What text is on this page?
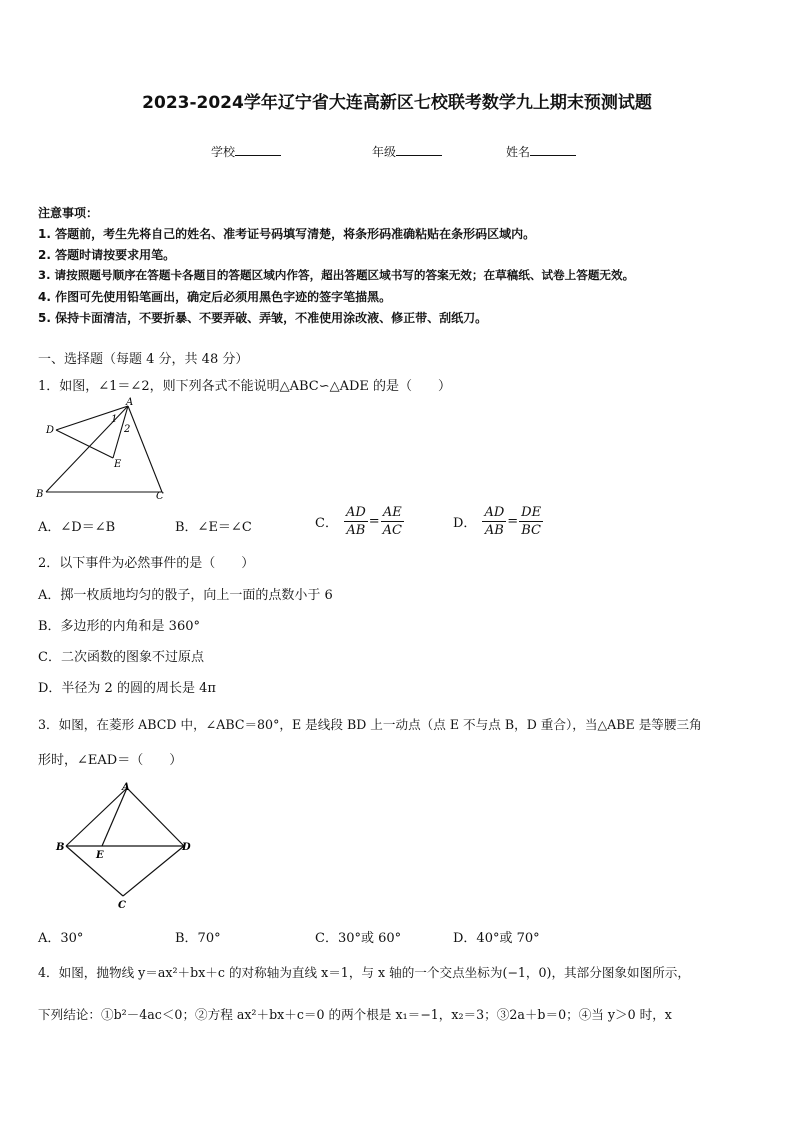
2023-2024学年辽宁省大连高新区七校联考数学九上期末预测试题
学校	年级	姓名
注意事项：
1. 答题前，考生先将自己的姓名、准考证号码填写清楚，将条形码准确粘贴在条形码区域内。
2. 答题时请按要求用笔。
3. 请按照题号顺序在答题卡各题目的答题区域内作答，超出答题区域书写的答案无效；在草稿纸、试卷上答题无效。
4. 作图可先使用铅笔画出，确定后必须用黑色字迹的签字笔描黑。
5. 保持卡面清洁，不要折暴、不要弄破、弄皱，不准使用涂改液、修正带、刮纸刀。
一、选择题（每题 4 分，共 48 分）
1．如图，∠1＝∠2，则下列各式不能说明△ABC∽△ADE 的是（　　）
A
B	C
D
E
1
2
A．∠D＝∠B	B．∠E＝∠C	C． $\frac{AD}{AB} = \frac{AE}{AC}$	D． $\frac{AD}{AB} = \frac{DE}{BC}$
2．以下事件为必然事件的是（　　）
A．掷一枚质地均匀的骰子，向上一面的点数小于 6
B．多边形的内角和是 360°
C．二次函数的图象不过原点
D．半径为 2 的圆的周长是 4π
3．如图，在菱形 ABCD 中，∠ABC＝80°，E 是线段 BD 上一动点（点 E 不与点 B，D 重合），当△ABE 是等腰三角
形时，∠EAD＝（　　）
A
B
C
D
E
A．30°	B．70°	C．30°或 60°	D．40°或 70°
4．如图，抛物线 y＝ax²＋bx＋c 的对称轴为直线 x＝1，与 x 轴的一个交点坐标为(−1，0)，其部分图象如图所示，
下列结论：①b²－4ac＜0；②方程 ax²＋bx＋c＝0 的两个根是 x₁＝−1，x₂＝3；③2a＋b＝0；④当 y＞0 时，x
